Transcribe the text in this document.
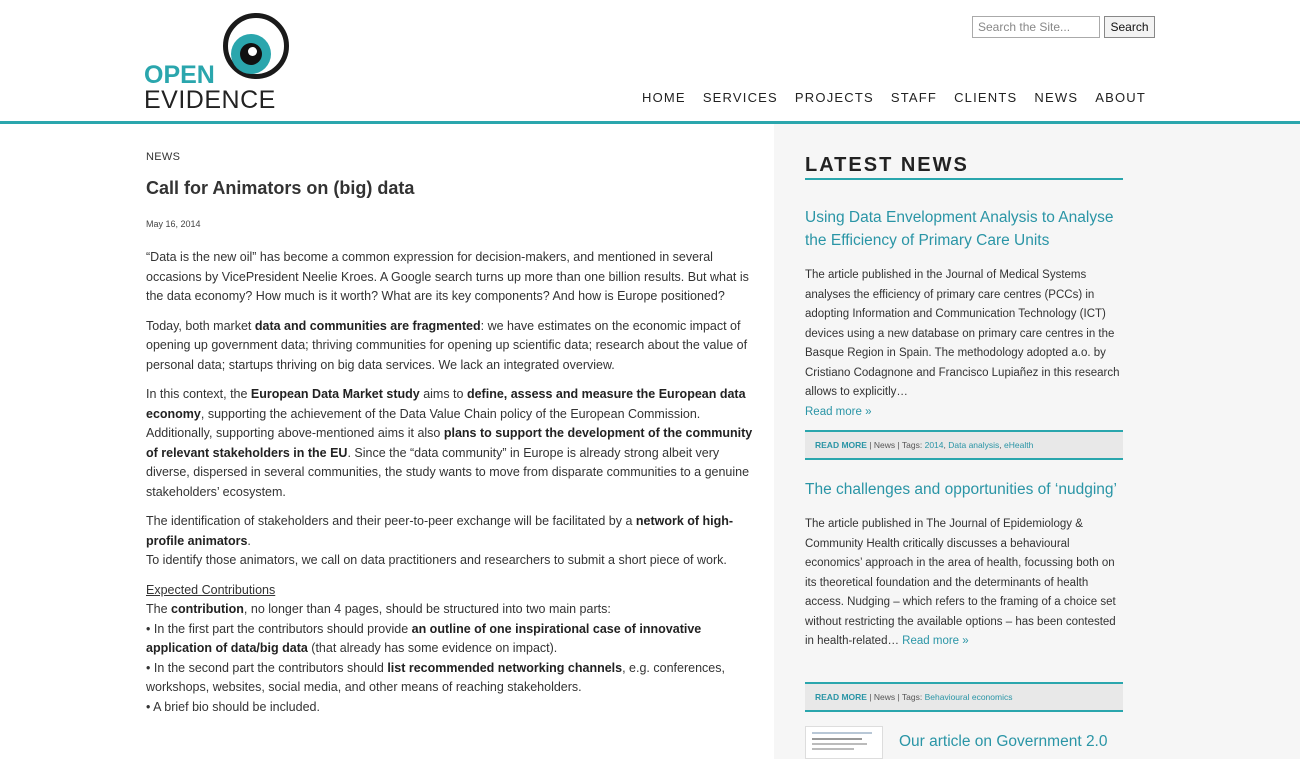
OPEN
EVIDENCE
Search the Site...
Search
HOME SERVICES PROJECTS STAFF CLIENTS NEWS ABOUT
NEWS
Call for Animators on (big) data
May 16, 2014

“Data is the new oil” has become a common expression for decision-makers, and mentioned in several occasions by VicePresident Neelie Kroes. A Google search turns up more than one billion results. But what is the data economy? How much is it worth? What are its key components? And how is Europe positioned?

Today, both market data and communities are fragmented: we have estimates on the economic impact of opening up government data; thriving communities for opening up scientific data; research about the value of personal data; startups thriving on big data services. We lack an integrated overview.

In this context, the European Data Market study aims to define, assess and measure the European data economy, supporting the achievement of the Data Value Chain policy of the European Commission. Additionally, supporting above-mentioned aims it also plans to support the development of the community of relevant stakeholders in the EU. Since the “data community” in Europe is already strong albeit very diverse, dispersed in several communities, the study wants to move from disparate communities to a genuine stakeholders’ ecosystem.

The identification of stakeholders and their peer-to-peer exchange will be facilitated by a network of high-profile animators.
To identify those animators, we call on data practitioners and researchers to submit a short piece of work.

Expected Contributions
The contribution, no longer than 4 pages, should be structured into two main parts:
• In the first part the contributors should provide an outline of one inspirational case of innovative application of data/big data (that already has some evidence on impact).
• In the second part the contributors should list recommended networking channels, e.g. conferences, workshops, websites, social media, and other means of reaching stakeholders.
• A brief bio should be included.

LATEST NEWS
Using Data Envelopment Analysis to Analyse the Efficiency of Primary Care Units

The article published in the Journal of Medical Systems analyses the efficiency of primary care centres (PCCs) in adopting Information and Communication Technology (ICT) devices using a new database on primary care centres in the Basque Region in Spain. The methodology adopted a.o. by Cristiano Codagnone and Francisco Lupiañez in this research allows to explicitly…
Read more »

READ MORE | News | Tags: 2014, Data analysis, eHealth
The challenges and opportunities of ‘nudging’

The article published in The Journal of Epidemiology & Community Health critically discusses a behavioural economics’ approach in the area of health, focussing both on its theoretical foundation and the determinants of health access. Nudging – which refers to the framing of a choice set without restricting the available options – has been contested in health-related… Read more »

READ MORE | News | Tags: Behavioural economics
Our article on Government 2.0
